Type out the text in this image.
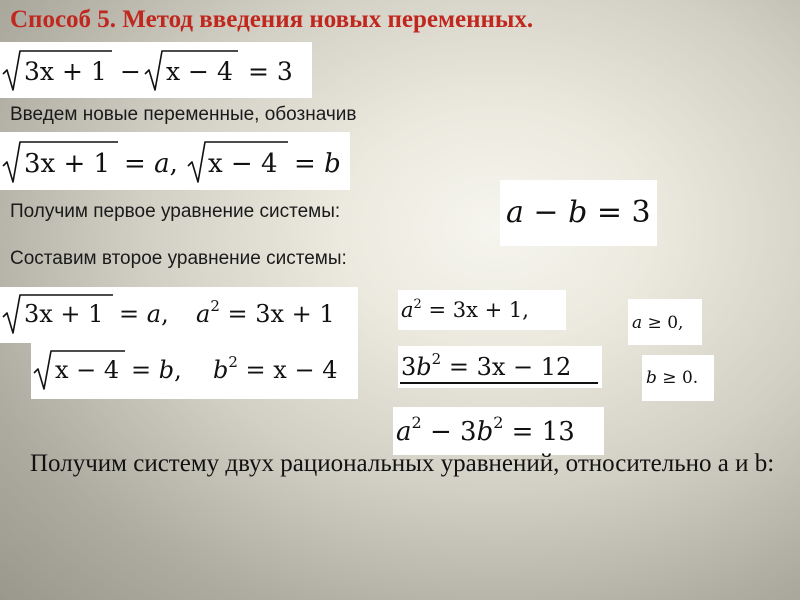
Способ 5. Метод введения новых переменных.
3x + 1 − x − 4 = 3
Введем новые переменные, обозначив
3x + 1 = a, x − 4 = b
Получим первое уравнение системы:	a − b = 3
Составим второе уравнение системы:
3x + 1 = a, $a^2 = 3x + 1$
x − 4 = b, $b^2 = x - 4$
$a^2 = 3x + 1$,
$3b^2 = 3x - 12$
a ≥ 0,
b ≥ 0.
$a^2 - 3b^2 = 13$

Получим систему двух рациональных уравнений, относительно a и b:
